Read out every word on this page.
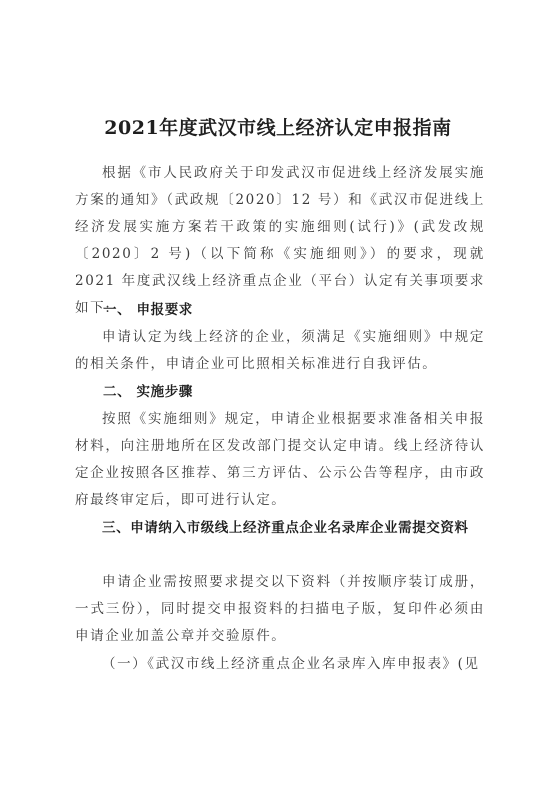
2021年度武汉市线上经济认定申报指南

根据《市人民政府关于印发武汉市促进线上经济发展实施方案的通知》（武政规〔2020〕12 号）和《武汉市促进线上经济发展实施方案若干政策的实施细则(试行)》(武发改规〔2020〕2 号)（以下简称《实施细则》）的要求，现就 2021 年度武汉线上经济重点企业（平台）认定有关事项要求如下:

一、 申报要求

申请认定为线上经济的企业，须满足《实施细则》中规定的相关条件，申请企业可比照相关标准进行自我评估。

二、 实施步骤

按照《实施细则》规定，申请企业根据要求准备相关申报材料，向注册地所在区发改部门提交认定申请。线上经济待认定企业按照各区推荐、第三方评估、公示公告等程序，由市政府最终审定后，即可进行认定。

三、申请纳入市级线上经济重点企业名录库企业需提交资料

申请企业需按照要求提交以下资料（并按顺序装订成册，一式三份），同时提交申报资料的扫描电子版，复印件必须由申请企业加盖公章并交验原件。

（一）《武汉市线上经济重点企业名录库入库申报表》(见
